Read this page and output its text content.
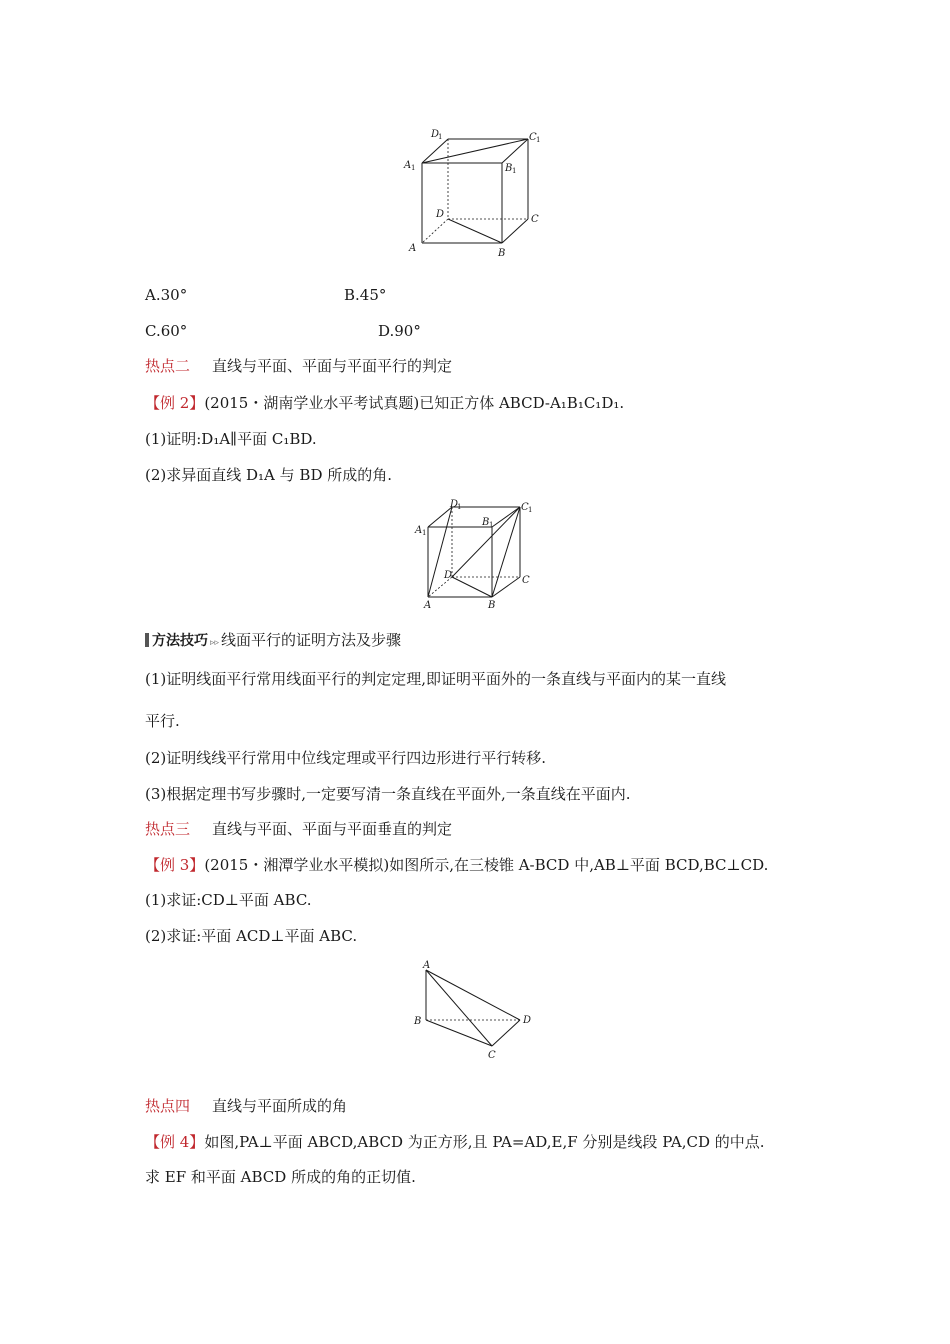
A	B
C
D
A 1	B 1
C 1
D
1
A.30°	B.45°
C.60°	D.90°
热点二 直线与平面、平面与平面平行的判定
【例 2】(2015・湖南学业水平考试真题)已知正方体 ABCD-A₁B₁C₁D₁.
(1)证明:D₁A∥平面 C₁BD.
(2)求异面直线 D₁A 与 BD 所成的角.
A	B
C
D
A 1
B 1
C 1
D
1
方法技巧 ▹▹ 线面平行的证明方法及步骤
(1)证明线面平行常用线面平行的判定定理,即证明平面外的一条直线与平面内的某一直线
平行.
(2)证明线线平行常用中位线定理或平行四边形进行平行转移.
(3)根据定理书写步骤时,一定要写清一条直线在平面外,一条直线在平面内.
热点三 直线与平面、平面与平面垂直的判定
【例 3】(2015・湘潭学业水平模拟)如图所示,在三棱锥 A-BCD 中,AB⊥平面 BCD,BC⊥CD.
(1)求证:CD⊥平面 ABC.
(2)求证:平面 ACD⊥平面 ABC.
A
B
C
D
热点四 直线与平面所成的角
【例 4】如图,PA⊥平面 ABCD,ABCD 为正方形,且 PA=AD,E,F 分别是线段 PA,CD 的中点.
求 EF 和平面 ABCD 所成的角的正切值.
